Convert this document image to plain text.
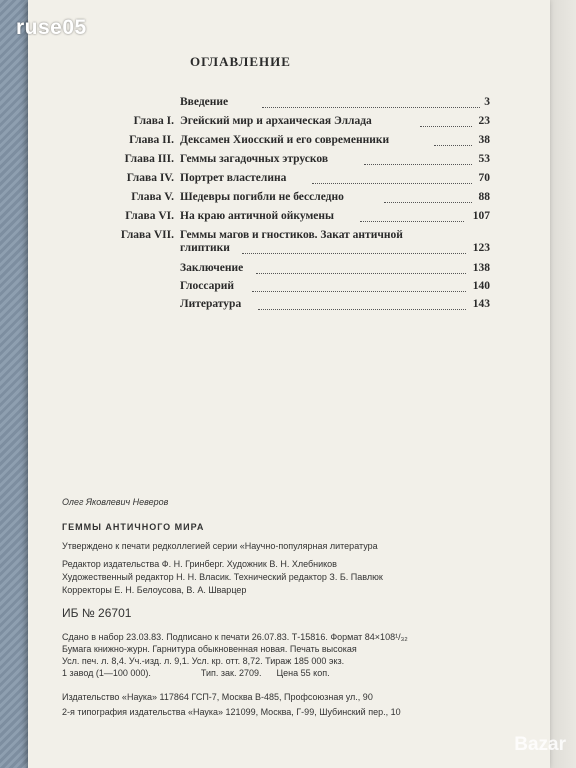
ruse05
ОГЛАВЛЕНИЕ
Введение	3
Глава I. Эгейский мир и архаическая Эллада	23
Глава II. Дексамен Хиосский и его современники	38
Глава III. Геммы загадочных этрусков	53
Глава IV. Портрет властелина	70
Глава V. Шедевры погибли не бесследно	88
Глава VI. На краю античной ойкумены	107
Глава VII. Геммы магов и гностиков. Закат античной
глиптики	123
Заключение	138
Глоссарий	140
Литература	143
Олег Яковлевич Неверов
ГЕММЫ АНТИЧНОГО МИРА
Утверждено к печати редколлегией серии «Научно-популярная литература
Редактор издательства Ф. Н. Гринберг. Художник В. Н. Хлебников
Художественный редактор Н. Н. Власик. Технический редактор З. Б. Павлюк
Корректоры Е. Н. Белоусова, В. А. Шварцер
ИБ № 26701
Сдано в набор 23.03.83. Подписано к печати 26.07.83. Т-15816. Формат 84×108¹/₃₂
Бумага книжно-журн. Гарнитура обыкновенная новая. Печать высокая
Усл. печ. л. 8,4. Уч.-изд. л. 9,1. Усл. кр. отт. 8,72. Тираж 185 000 экз.
1 завод (1—100 000).                    Тип. зак. 2709.      Цена 55 коп.
Издательство «Наука» 117864 ГСП-7, Москва В-485, Профсоюзная ул., 90
2-я типография издательства «Наука» 121099, Москва, Г-99, Шубинский пер., 10
Bazar
